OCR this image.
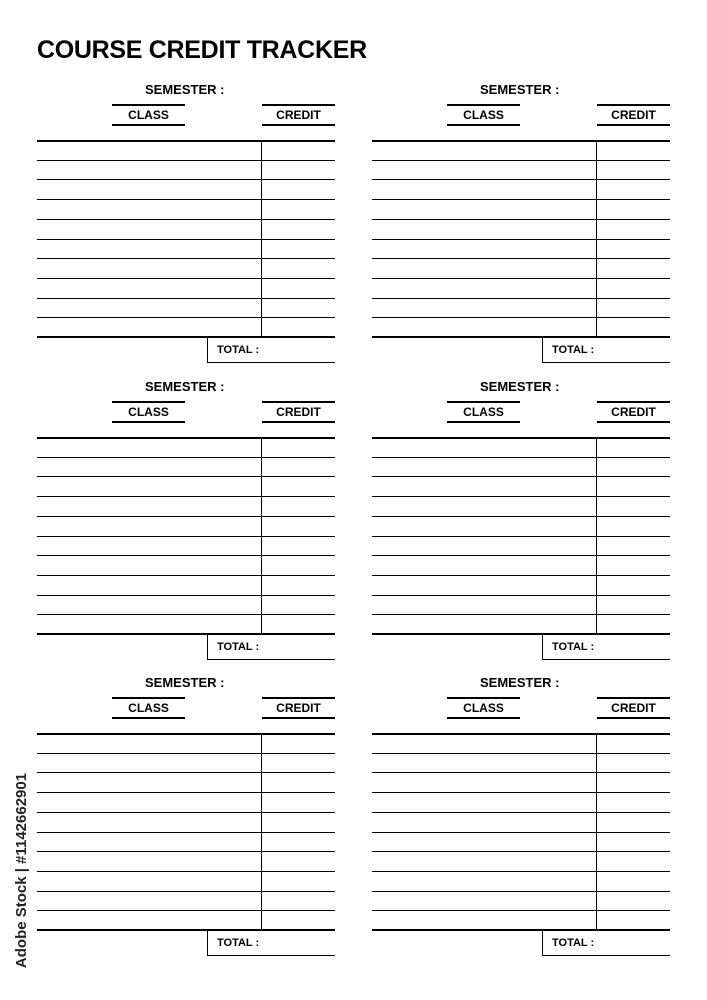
COURSE CREDIT TRACKER
SEMESTER :
CLASS	CREDIT
TOTAL :
SEMESTER :
CLASS	CREDIT
TOTAL :
SEMESTER :
CLASS	CREDIT
TOTAL :
SEMESTER :
CLASS	CREDIT
TOTAL :
SEMESTER :
CLASS	CREDIT
TOTAL :
SEMESTER :
CLASS	CREDIT
TOTAL :
Adobe Stock | #1142662901
